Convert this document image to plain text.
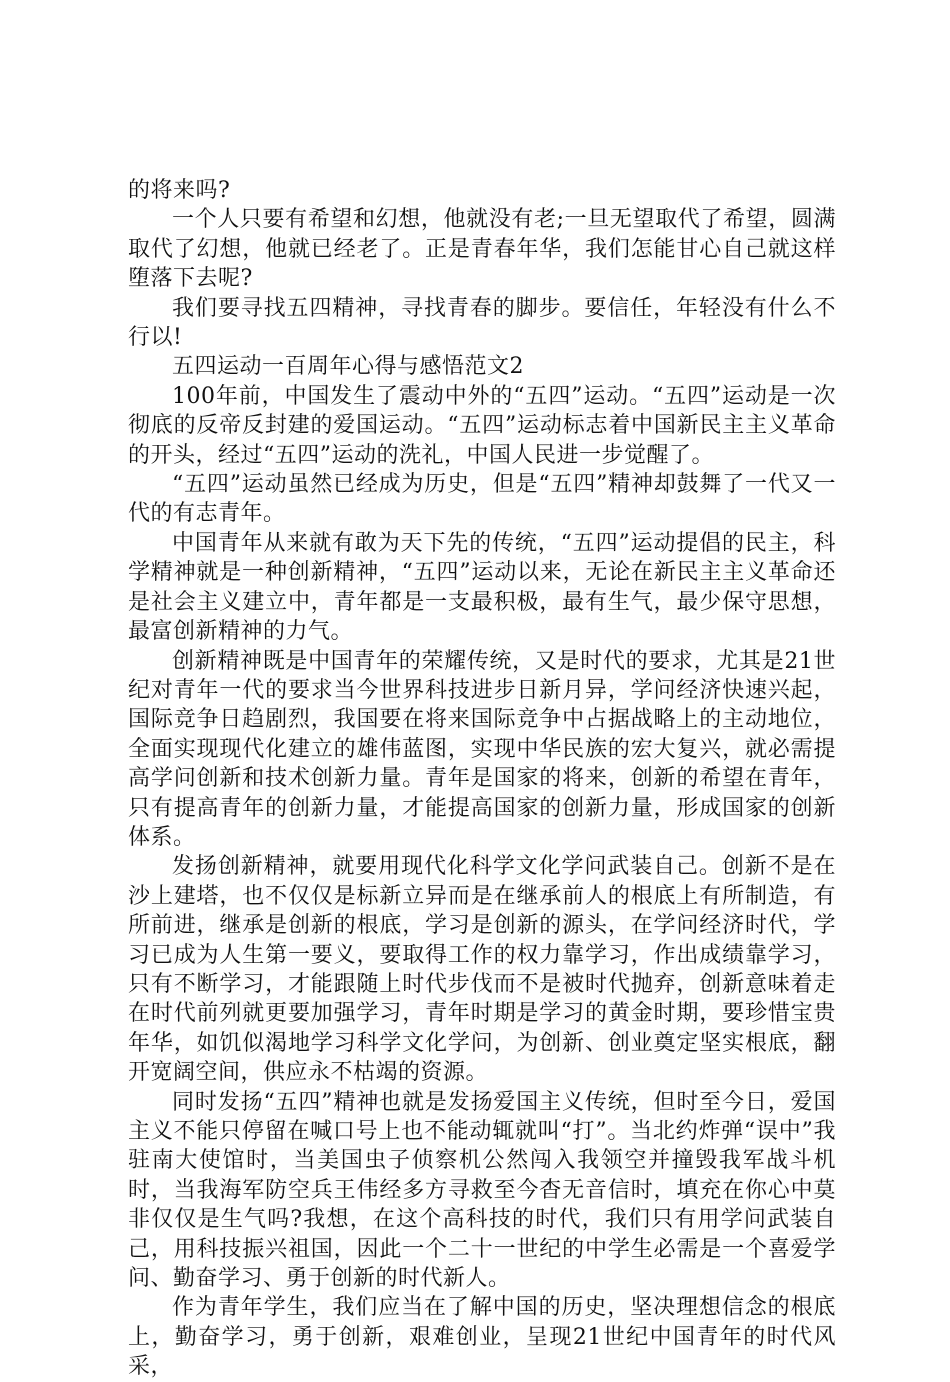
的将来吗?

一个人只要有希望和幻想，他就没有老;一旦无望取代了希望，圆满取代了幻想，他就已经老了。正是青春年华，我们怎能甘心自己就这样堕落下去呢?

我们要寻找五四精神，寻找青春的脚步。要信任，年轻没有什么不行以!

五四运动一百周年心得与感悟范文2

100年前，中国发生了震动中外的“五四”运动。“五四”运动是一次彻底的反帝反封建的爱国运动。“五四”运动标志着中国新民主主义革命的开头，经过“五四”运动的洗礼，中国人民进一步觉醒了。

“五四”运动虽然已经成为历史，但是“五四”精神却鼓舞了一代又一代的有志青年。

中国青年从来就有敢为天下先的传统，“五四”运动提倡的民主，科学精神就是一种创新精神，“五四”运动以来，无论在新民主主义革命还是社会主义建立中，青年都是一支最积极，最有生气，最少保守思想，最富创新精神的力气。

创新精神既是中国青年的荣耀传统，又是时代的要求，尤其是21世纪对青年一代的要求当今世界科技进步日新月异，学问经济快速兴起，国际竞争日趋剧烈，我国要在将来国际竞争中占据战略上的主动地位，全面实现现代化建立的雄伟蓝图，实现中华民族的宏大复兴，就必需提高学问创新和技术创新力量。青年是国家的将来，创新的希望在青年，只有提高青年的创新力量，才能提高国家的创新力量，形成国家的创新体系。

发扬创新精神，就要用现代化科学文化学问武装自己。创新不是在沙上建塔，也不仅仅是标新立异而是在继承前人的根底上有所制造，有所前进，继承是创新的根底，学习是创新的源头，在学问经济时代，学习已成为人生第一要义，要取得工作的权力靠学习，作出成绩靠学习，只有不断学习，才能跟随上时代步伐而不是被时代抛弃，创新意味着走在时代前列就更要加强学习，青年时期是学习的黄金时期，要珍惜宝贵年华，如饥似渴地学习科学文化学问，为创新、创业奠定坚实根底，翻开宽阔空间，供应永不枯竭的资源。

同时发扬“五四”精神也就是发扬爱国主义传统，但时至今日，爱国主义不能只停留在喊口号上也不能动辄就叫“打”。当北约炸弹“误中”我驻南大使馆时，当美国虫子侦察机公然闯入我领空并撞毁我军战斗机时，当我海军防空兵王伟经多方寻救至今杳无音信时，填充在你心中莫非仅仅是生气吗?我想，在这个高科技的时代，我们只有用学问武装自己，用科技振兴祖国，因此一个二十一世纪的中学生必需是一个喜爱学问、勤奋学习、勇于创新的时代新人。

作为青年学生，我们应当在了解中国的历史，坚决理想信念的根底上，勤奋学习，勇于创新，艰难创业，呈现21世纪中国青年的时代风采，
